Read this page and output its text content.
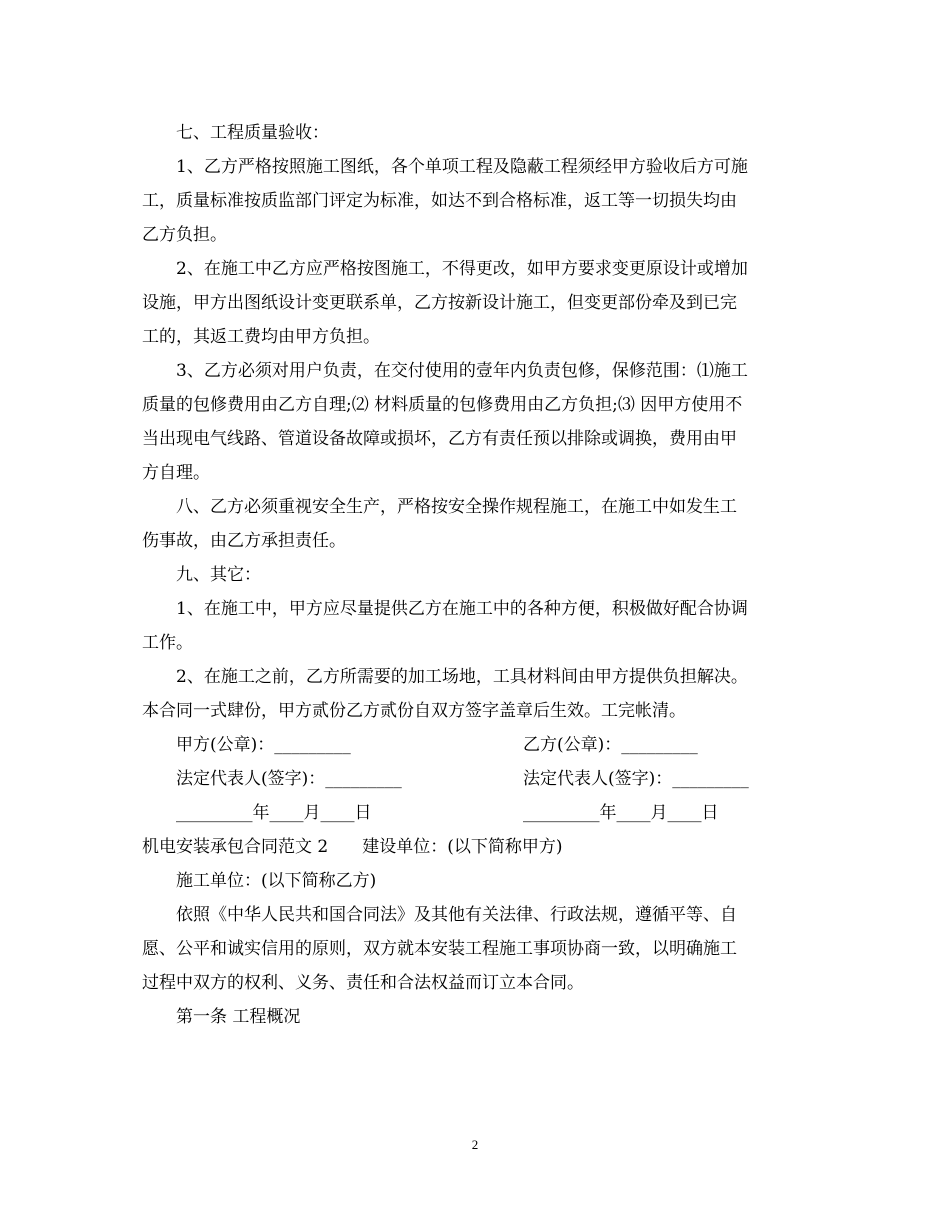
七、工程质量验收：

1、乙方严格按照施工图纸，各个单项工程及隐蔽工程须经甲方验收后方可施
工，质量标准按质监部门评定为标准，如达不到合格标准，返工等一切损失均由
乙方负担。
2、在施工中乙方应严格按图施工，不得更改，如甲方要求变更原设计或增加
设施，甲方出图纸设计变更联系单，乙方按新设计施工，但变更部份牵及到已完
工的，其返工费均由甲方负担。
3、乙方必须对用户负责，在交付使用的壹年内负责包修，保修范围：⑴施工
质量的包修费用由乙方自理;⑵ 材料质量的包修费用由乙方负担;⑶ 因甲方使用不
当出现电气线路、管道设备故障或损坏，乙方有责任预以排除或调换，费用由甲
方自理。
八、乙方必须重视安全生产，严格按安全操作规程施工，在施工中如发生工
伤事故，由乙方承担责任。

九、其它：

1、在施工中，甲方应尽量提供乙方在施工中的各种方便，积极做好配合协调
工作。
2、在施工之前，乙方所需要的加工场地，工具材料间由甲方提供负担解决。
本合同一式肆份，甲方贰份乙方贰份自双方签字盖章后生效。工完帐清。
甲方(公章)：_________	乙方(公章)：_________
法定代表人(签字)：_________	法定代表人(签字)：_________
_________年____月____日	_________年____月____日

机电安装承包合同范文 2　　建设单位：(以下简称甲方)

施工单位：(以下简称乙方)

依照《中华人民共和国合同法》及其他有关法律、行政法规，遵循平等、自
愿、公平和诚实信用的原则，双方就本安装工程施工事项协商一致，以明确施工
过程中双方的权利、义务、责任和合法权益而订立本合同。

第一条 工程概况

2
